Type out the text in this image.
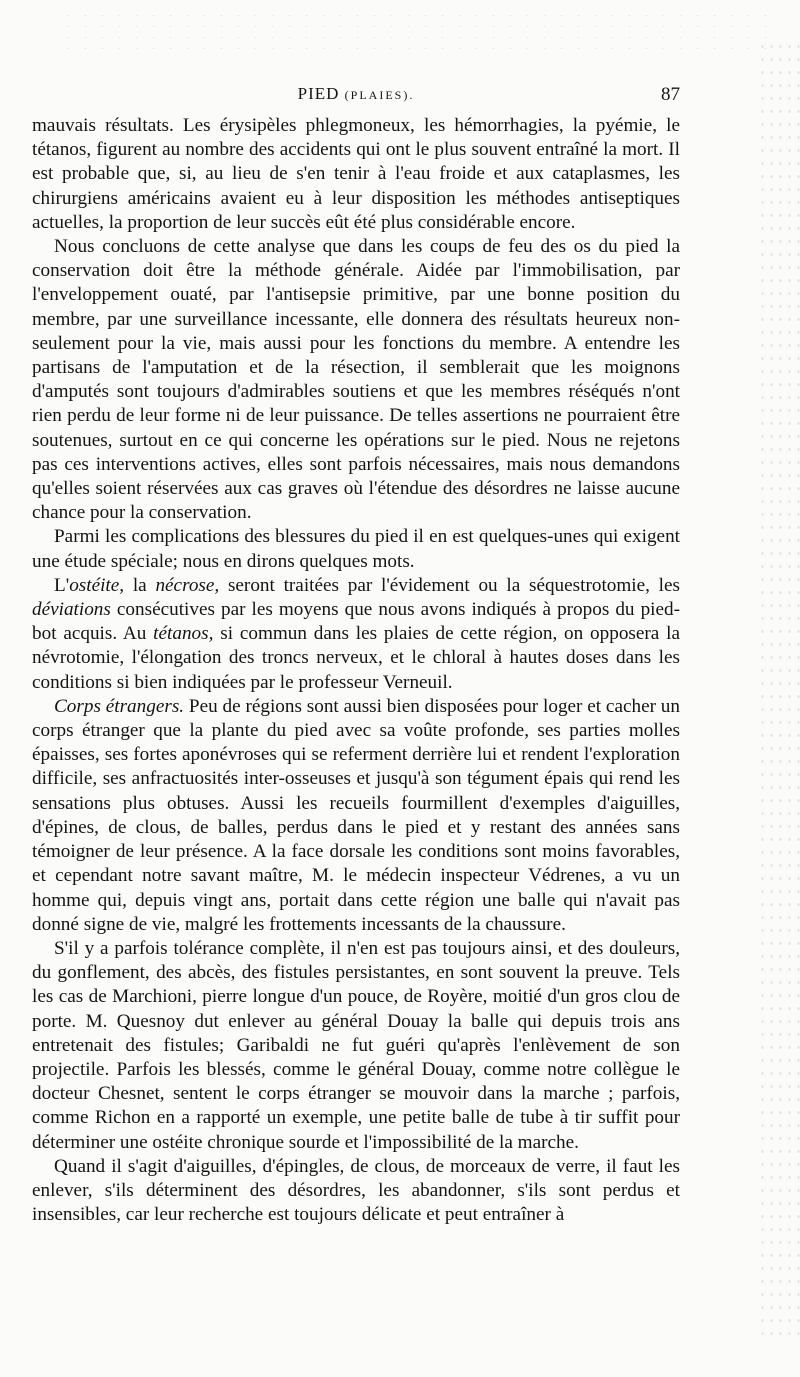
PIED (PLAIES).	87

mauvais résultats. Les érysipèles phlegmoneux, les hémorrhagies, la pyémie, le tétanos, figurent au nombre des accidents qui ont le plus souvent entraîné la mort. Il est probable que, si, au lieu de s'en tenir à l'eau froide et aux cataplasmes, les chirurgiens américains avaient eu à leur disposition les méthodes antiseptiques actuelles, la proportion de leur succès eût été plus considérable encore.

Nous concluons de cette analyse que dans les coups de feu des os du pied la conservation doit être la méthode générale. Aidée par l'immobilisation, par l'enveloppement ouaté, par l'antisepsie primitive, par une bonne position du membre, par une surveillance incessante, elle donnera des résultats heureux non-seulement pour la vie, mais aussi pour les fonctions du membre. A entendre les partisans de l'amputation et de la résection, il semblerait que les moignons d'amputés sont toujours d'admirables soutiens et que les membres réséqués n'ont rien perdu de leur forme ni de leur puissance. De telles assertions ne pourraient être soutenues, surtout en ce qui concerne les opérations sur le pied. Nous ne rejetons pas ces interventions actives, elles sont parfois nécessaires, mais nous demandons qu'elles soient réservées aux cas graves où l'étendue des désordres ne laisse aucune chance pour la conservation.

Parmi les complications des blessures du pied il en est quelques-unes qui exigent une étude spéciale; nous en dirons quelques mots.

L'ostéite, la nécrose, seront traitées par l'évidement ou la séquestrotomie, les déviations consécutives par les moyens que nous avons indiqués à propos du pied-bot acquis. Au tétanos, si commun dans les plaies de cette région, on opposera la névrotomie, l'élongation des troncs nerveux, et le chloral à hautes doses dans les conditions si bien indiquées par le professeur Verneuil.

Corps étrangers. Peu de régions sont aussi bien disposées pour loger et cacher un corps étranger que la plante du pied avec sa voûte profonde, ses parties molles épaisses, ses fortes aponévroses qui se referment derrière lui et rendent l'exploration difficile, ses anfractuosités inter-osseuses et jusqu'à son tégument épais qui rend les sensations plus obtuses. Aussi les recueils fourmillent d'exemples d'aiguilles, d'épines, de clous, de balles, perdus dans le pied et y restant des années sans témoigner de leur présence. A la face dorsale les conditions sont moins favorables, et cependant notre savant maître, M. le médecin inspecteur Védrenes, a vu un homme qui, depuis vingt ans, portait dans cette région une balle qui n'avait pas donné signe de vie, malgré les frottements incessants de la chaussure.

S'il y a parfois tolérance complète, il n'en est pas toujours ainsi, et des douleurs, du gonflement, des abcès, des fistules persistantes, en sont souvent la preuve. Tels les cas de Marchioni, pierre longue d'un pouce, de Royère, moitié d'un gros clou de porte. M. Quesnoy dut enlever au général Douay la balle qui depuis trois ans entretenait des fistules; Garibaldi ne fut guéri qu'après l'enlèvement de son projectile. Parfois les blessés, comme le général Douay, comme notre collègue le docteur Chesnet, sentent le corps étranger se mouvoir dans la marche ; parfois, comme Richon en a rapporté un exemple, une petite balle de tube à tir suffit pour déterminer une ostéite chronique sourde et l'impossibilité de la marche.

Quand il s'agit d'aiguilles, d'épingles, de clous, de morceaux de verre, il faut les enlever, s'ils déterminent des désordres, les abandonner, s'ils sont perdus et insensibles, car leur recherche est toujours délicate et peut entraîner à
